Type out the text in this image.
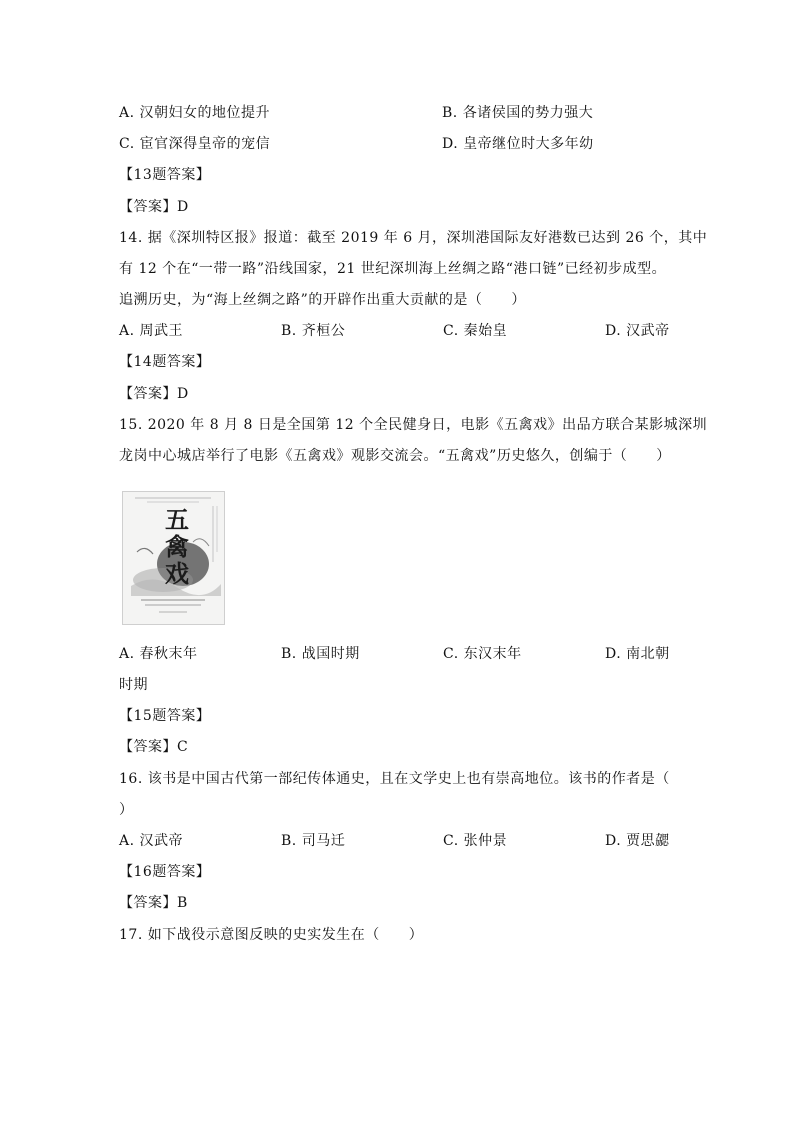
A. 汉朝妇女的地位提升	B. 各诸侯国的势力强大
C. 宦官深得皇帝的宠信	D. 皇帝继位时大多年幼
【13题答案】
【答案】D
14. 据《深圳特区报》报道：截至 2019 年 6 月，深圳港国际友好港数已达到 26 个，其中
有 12 个在“一带一路”沿线国家，21 世纪深圳海上丝绸之路“港口链”已经初步成型。
追溯历史，为“海上丝绸之路”的开辟作出重大贡献的是（　　）
A. 周武王	B. 齐桓公	C. 秦始皇	D. 汉武帝
【14题答案】
【答案】D
15. 2020 年 8 月 8 日是全国第 12 个全民健身日，电影《五禽戏》出品方联合某影城深圳
龙岗中心城店举行了电影《五禽戏》观影交流会。“五禽戏”历史悠久，创编于（　　）
五禽戏
A. 春秋末年	B. 战国时期	C. 东汉末年	D. 南北朝
时期
【15题答案】
【答案】C
16. 该书是中国古代第一部纪传体通史，且在文学史上也有崇高地位。该书的作者是（
）
A. 汉武帝	B. 司马迁	C. 张仲景	D. 贾思勰
【16题答案】
【答案】B
17. 如下战役示意图反映的史实发生在（　　）
